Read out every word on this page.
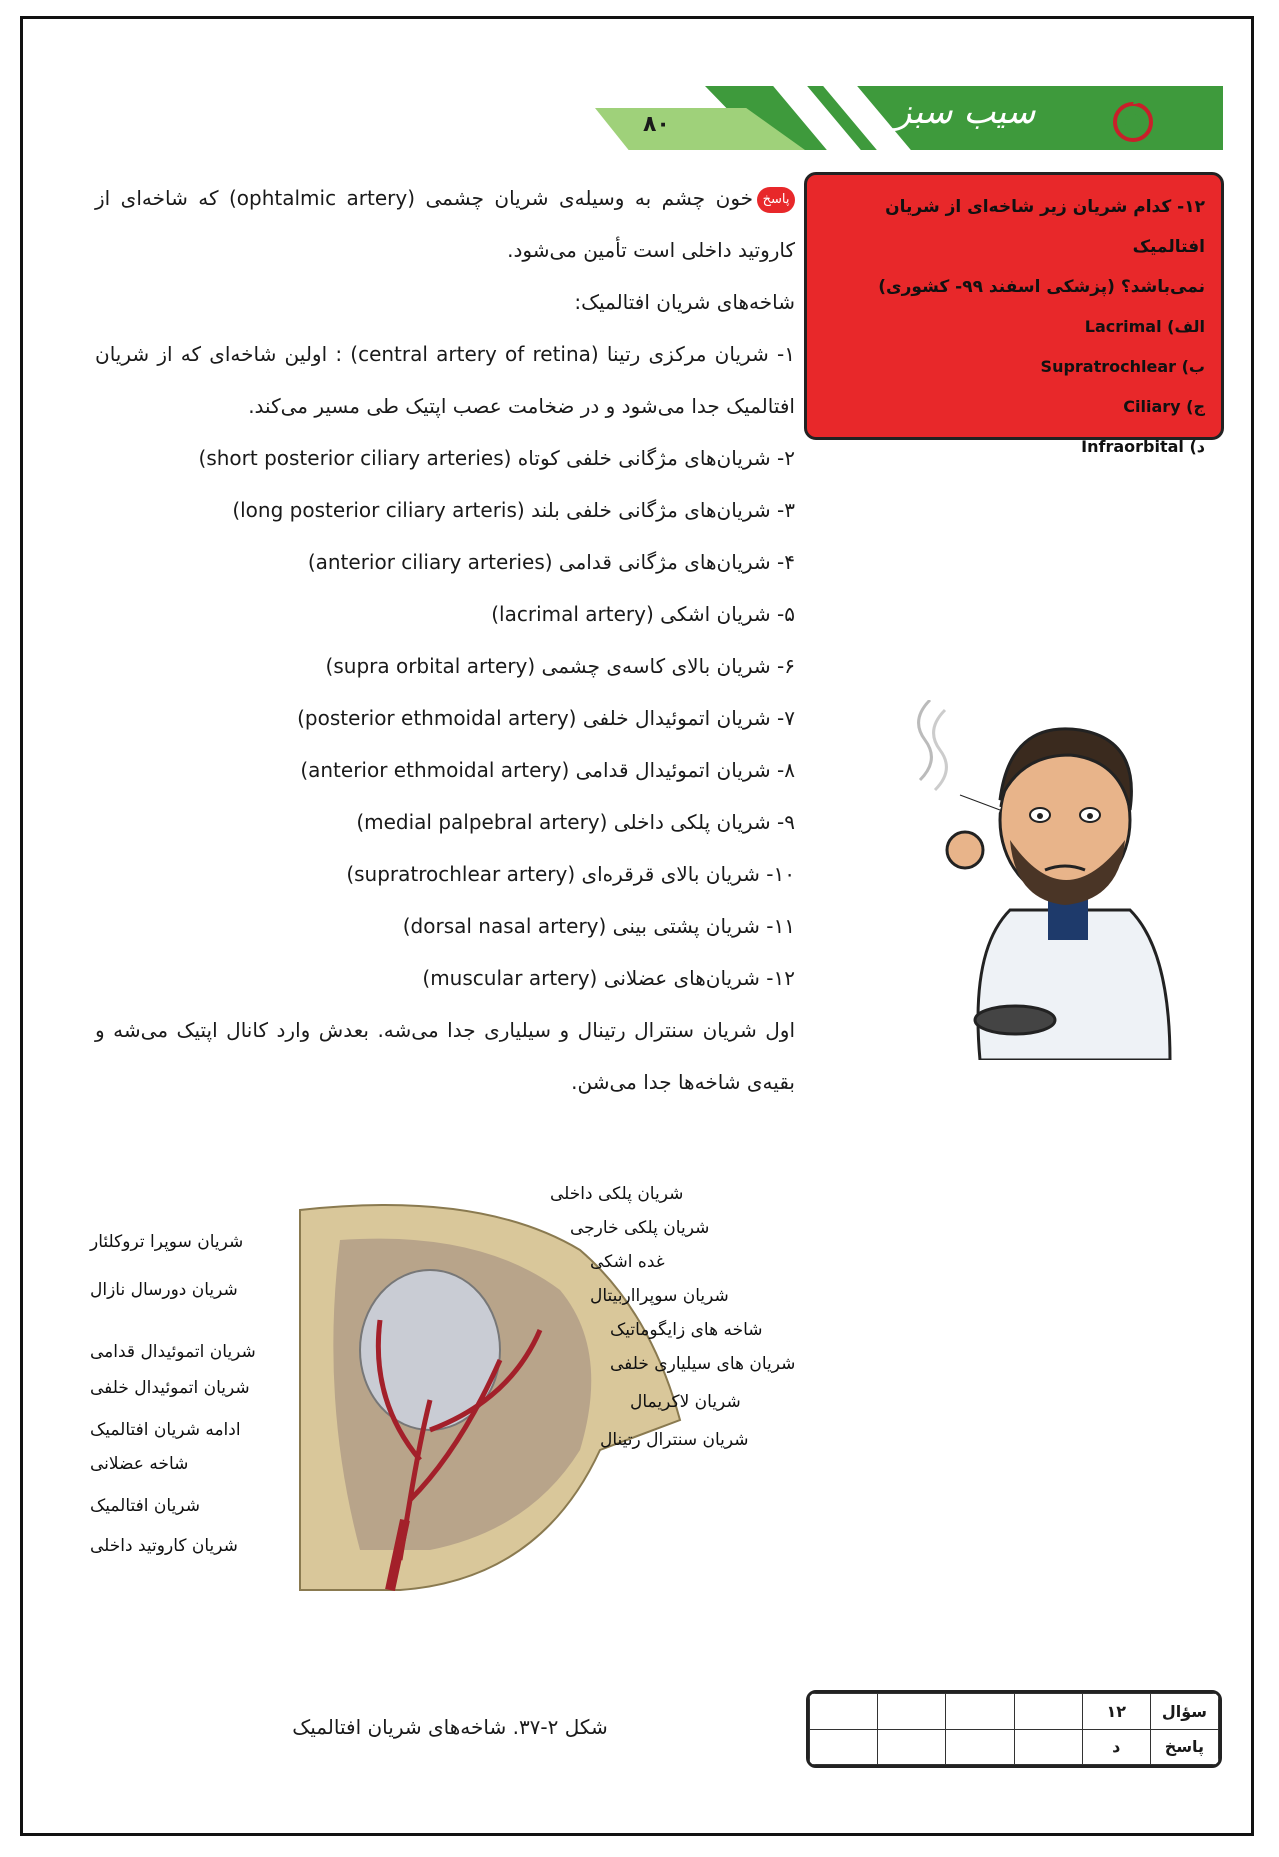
۸۰	سیب سبز
۱۲- کدام شریان زیر شاخه‌ای از شریان افتالمیک
نمی‌باشد؟ (پزشکی اسفند ۹۹- کشوری)
الف) Lacrimal
ب) Supratrochlear
ج) Ciliary
د) Infraorbital

پاسخخون چشم به وسیله‌ی شریان چشمی (ophtalmic artery) که شاخه‌ای از کاروتید داخلی است تأمین می‌شود.

شاخه‌های شریان افتالمیک:

۱- شریان مرکزی رتینا (central artery of retina) : اولین شاخه‌ای که از شریان افتالمیک جدا می‌شود و در ضخامت عصب اپتیک طی مسیر می‌کند.

۲- شریان‌های مژگانی خلفی کوتاه (short posterior ciliary arteries)

۳- شریان‌های مژگانی خلفی بلند (long posterior ciliary arteris)

۴- شریان‌های مژگانی قدامی (anterior ciliary arteries)

۵- شریان اشکی (lacrimal artery)

۶- شریان بالای کاسه‌ی چشمی (supra orbital artery)

۷- شریان اتموئیدال خلفی (posterior ethmoidal artery)

۸- شریان اتموئیدال قدامی (anterior ethmoidal artery)

۹- شریان پلکی داخلی (medial palpebral artery)

۱۰- شریان بالای قرقره‌ای (supratrochlear artery)

۱۱- شریان پشتی بینی (dorsal nasal artery)

۱۲- شریان‌های عضلانی (muscular artery)

اول شریان سنترال رتینال و سیلیاری جدا می‌شه. بعدش وارد کانال اپتیک می‌شه و بقیه‌ی شاخه‌ها جدا می‌شن.

شریان پلکی داخلی
شریان پلکی خارجی
غده اشکی
شریان سوپرااربیتال
شاخه های زایگوماتیک
شریان های سیلیاری خلفی
شریان لاکریمال
شریان سنترال رتینال
شریان سوپرا تروکلئار
شریان دورسال نازال
شریان اتموئیدال قدامی
شریان اتموئیدال خلفی
ادامه شریان افتالمیک
شاخه عضلانی
شریان افتالمیک
شریان کاروتید داخلی
شکل ۲-۳۷. شاخه‌های شریان افتالمیک
سؤال	۱۲				
پاسخ	د				
